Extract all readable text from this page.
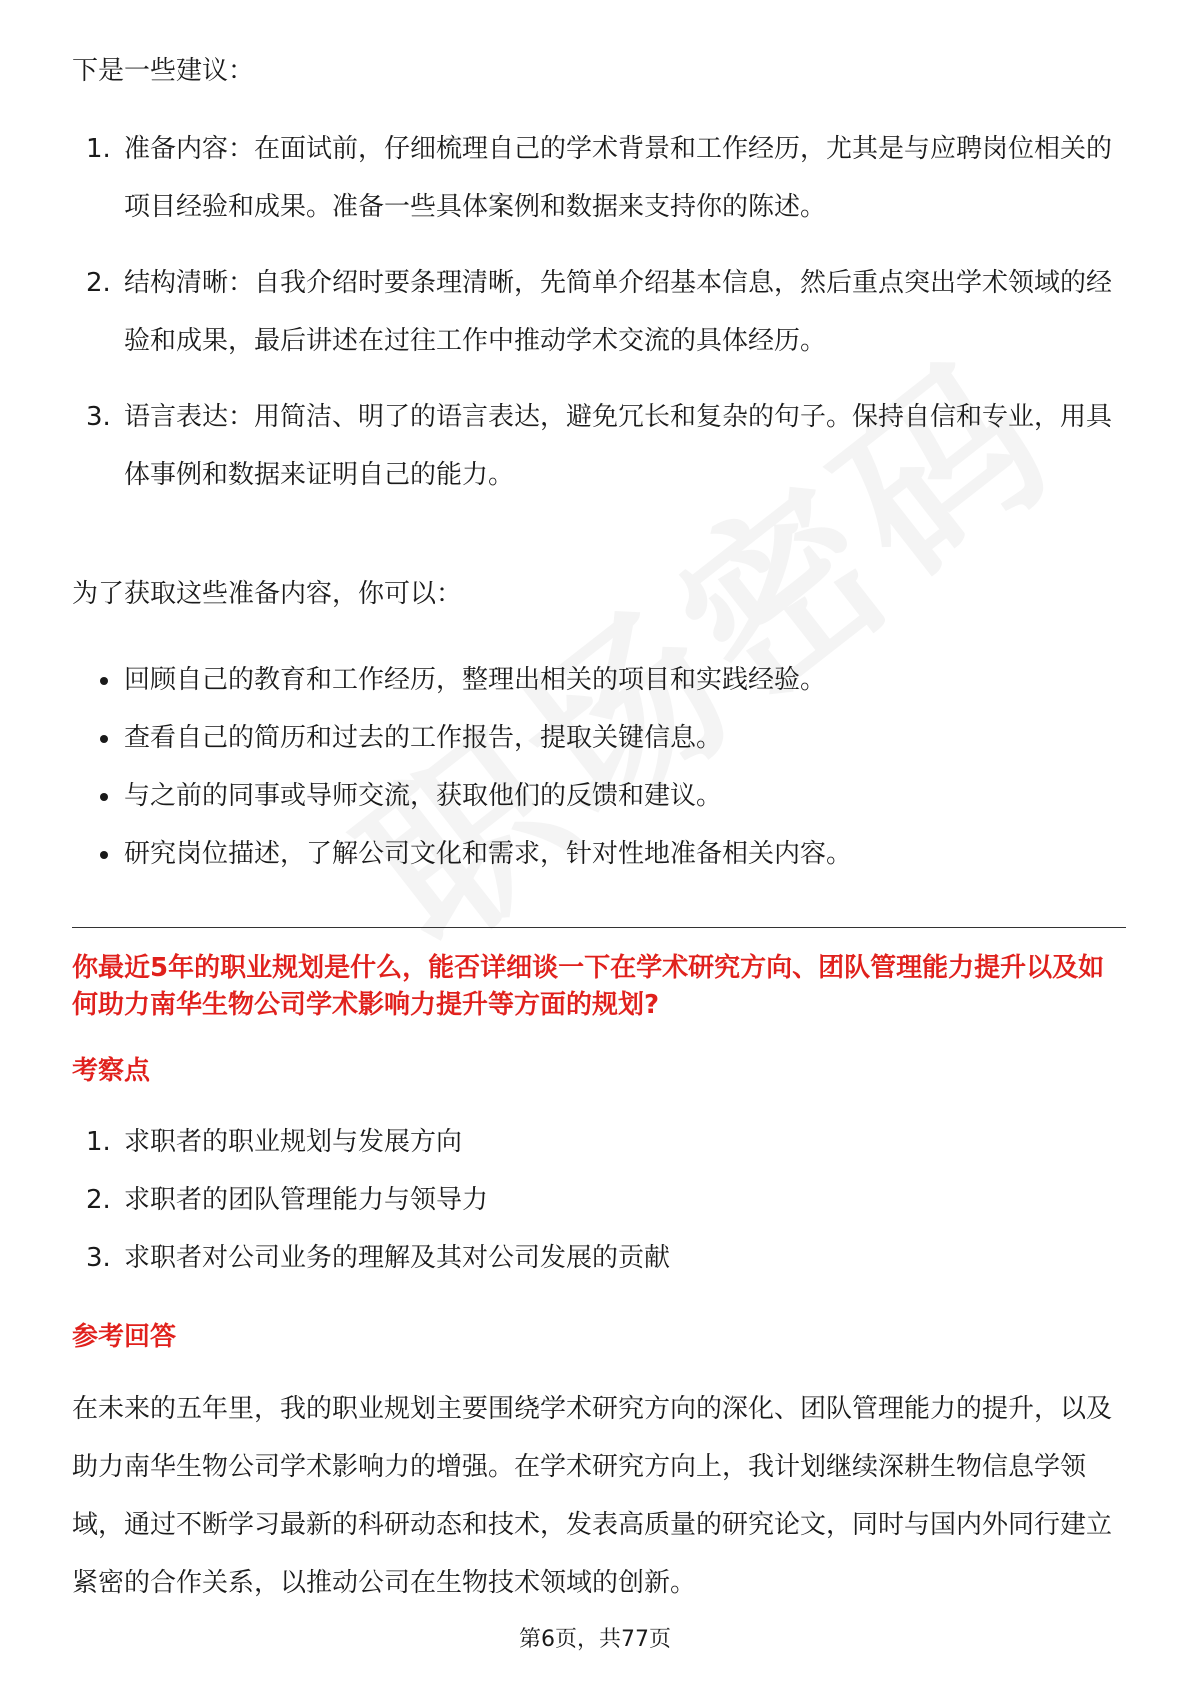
下是一些建议：

1. 准备内容：在面试前，仔细梳理自己的学术背景和工作经历，尤其是与应聘岗位相关的项目经验和成果。准备一些具体案例和数据来支持你的陈述。
2. 结构清晰：自我介绍时要条理清晰，先简单介绍基本信息，然后重点突出学术领域的经验和成果，最后讲述在过往工作中推动学术交流的具体经历。
3. 语言表达：用简洁、明了的语言表达，避免冗长和复杂的句子。保持自信和专业，用具体事例和数据来证明自己的能力。

为了获取这些准备内容，你可以：

回顾自己的教育和工作经历，整理出相关的项目和实践经验。
查看自己的简历和过去的工作报告，提取关键信息。
与之前的同事或导师交流，获取他们的反馈和建议。
研究岗位描述，了解公司文化和需求，针对性地准备相关内容。

你最近5年的职业规划是什么，能否详细谈一下在学术研究方向、团队管理能力提升以及如何助力南华生物公司学术影响力提升等方面的规划?

考察点

1. 求职者的职业规划与发展方向
2. 求职者的团队管理能力与领导力
3. 求职者对公司业务的理解及其对公司发展的贡献

参考回答

在未来的五年里，我的职业规划主要围绕学术研究方向的深化、团队管理能力的提升，以及助力南华生物公司学术影响力的增强。在学术研究方向上，我计划继续深耕生物信息学领域，通过不断学习最新的科研动态和技术，发表高质量的研究论文，同时与国内外同行建立紧密的合作关系，以推动公司在生物技术领域的创新。

第6页，共77页
